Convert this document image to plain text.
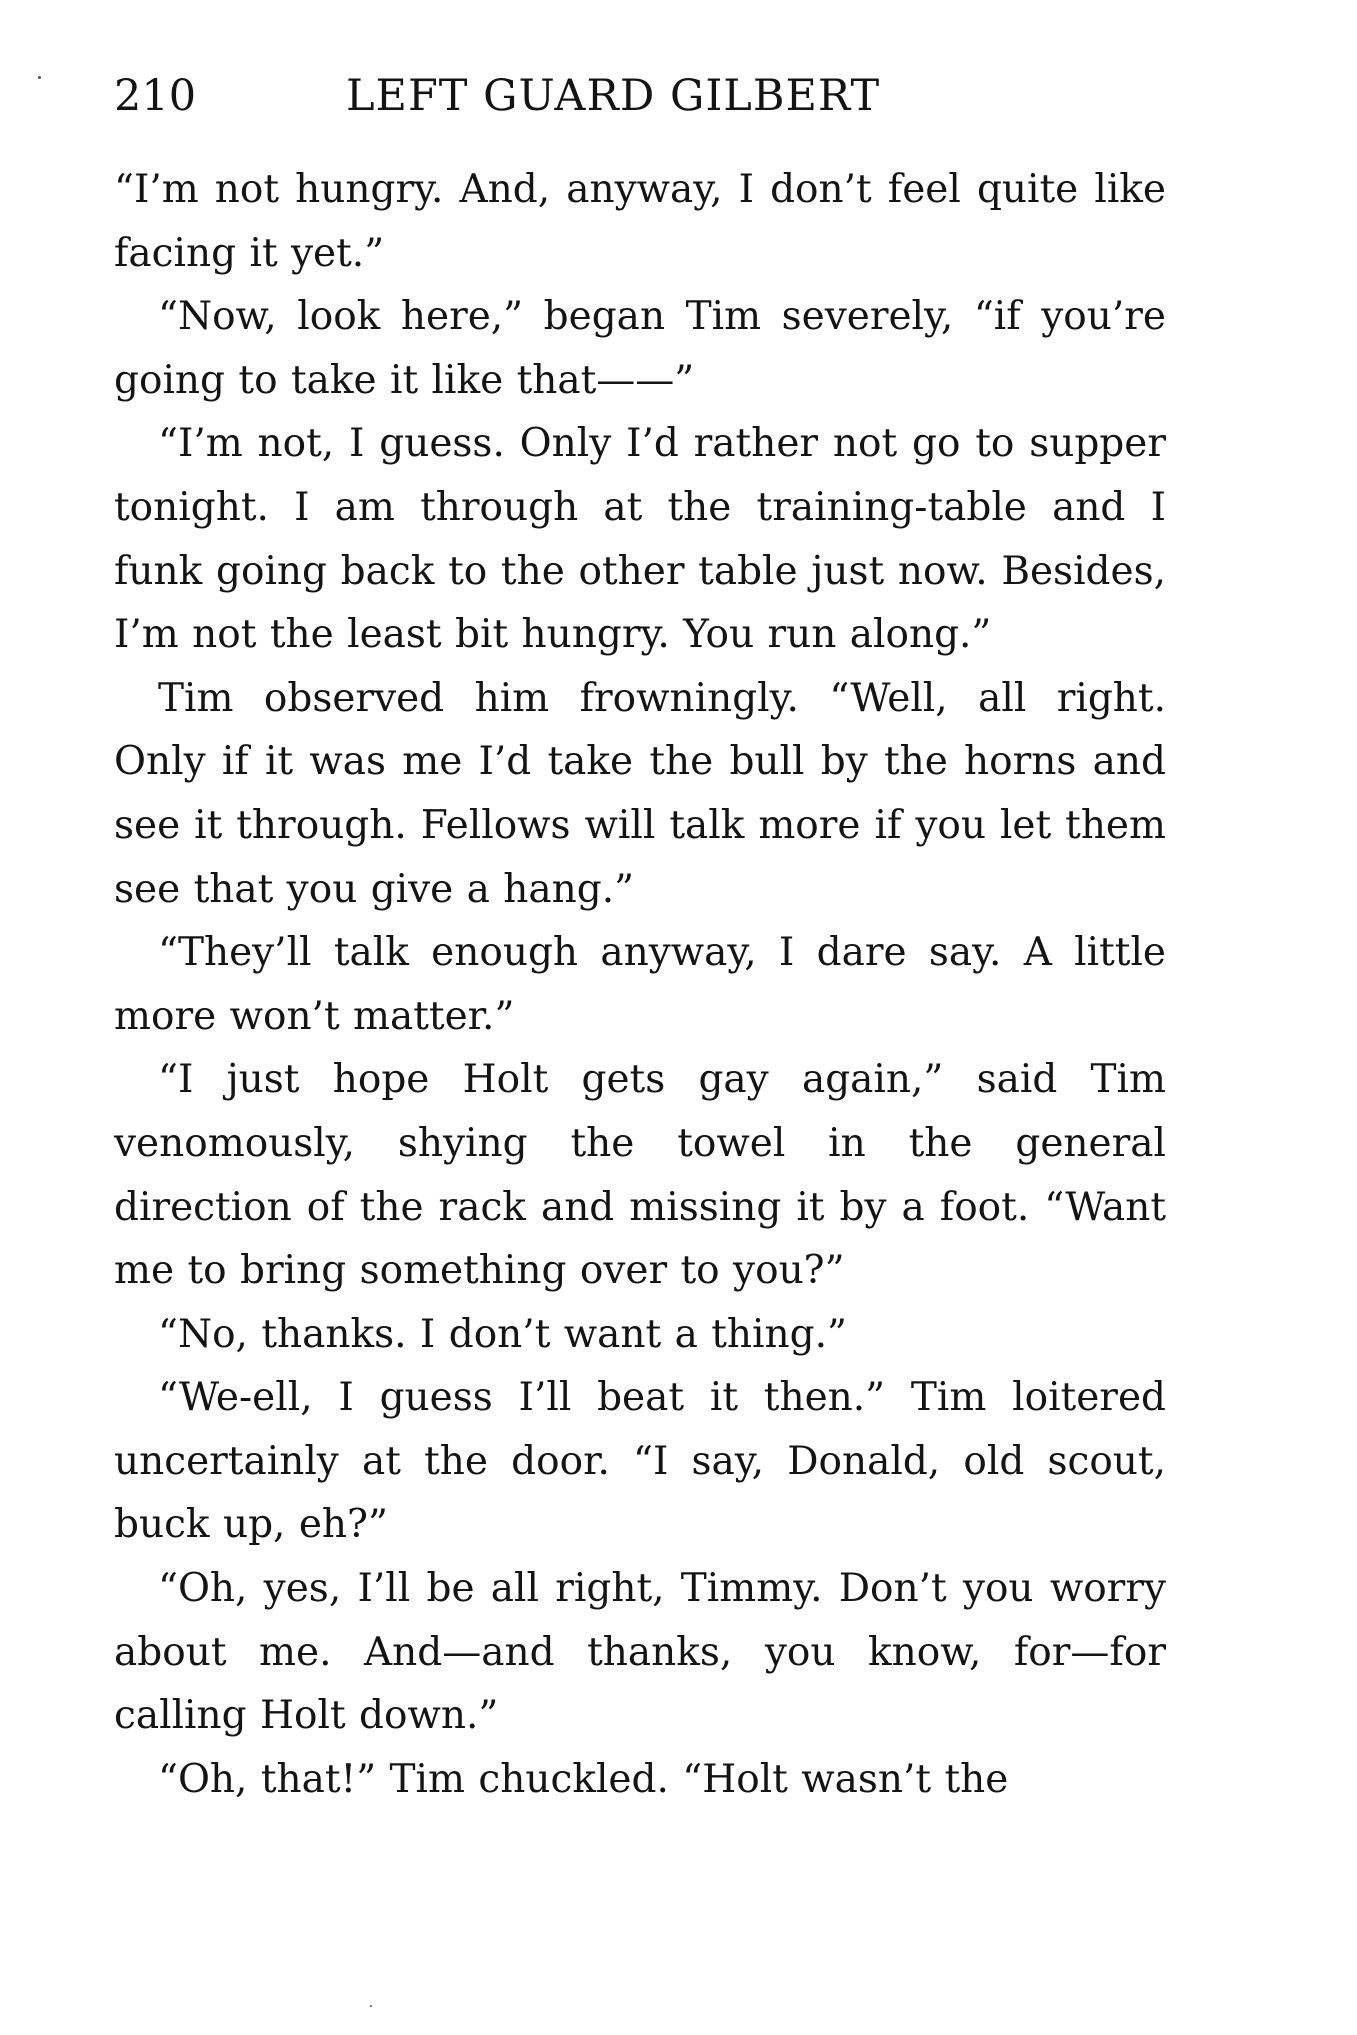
210	LEFT GUARD GILBERT

“I’m not hungry. And, anyway, I don’t feel quite like facing it yet.”

“Now, look here,” began Tim severely, “if you’re going to take it like that——”

“I’m not, I guess. Only I’d rather not go to supper tonight. I am through at the training-table and I funk going back to the other table just now. Besides, I’m not the least bit hungry. You run along.”

Tim observed him frowningly. “Well, all right. Only if it was me I’d take the bull by the horns and see it through. Fellows will talk more if you let them see that you give a hang.”

“They’ll talk enough anyway, I dare say. A little more won’t matter.”

“I just hope Holt gets gay again,” said Tim venomously, shying the towel in the general direction of the rack and missing it by a foot. “Want me to bring something over to you?”

“No, thanks. I don’t want a thing.”

“We-ell, I guess I’ll beat it then.” Tim loitered uncertainly at the door. “I say, Donald, old scout, buck up, eh?”

“Oh, yes, I’ll be all right, Timmy. Don’t you worry about me. And—and thanks, you know, for—for calling Holt down.”

“Oh, that!” Tim chuckled. “Holt wasn’t the
